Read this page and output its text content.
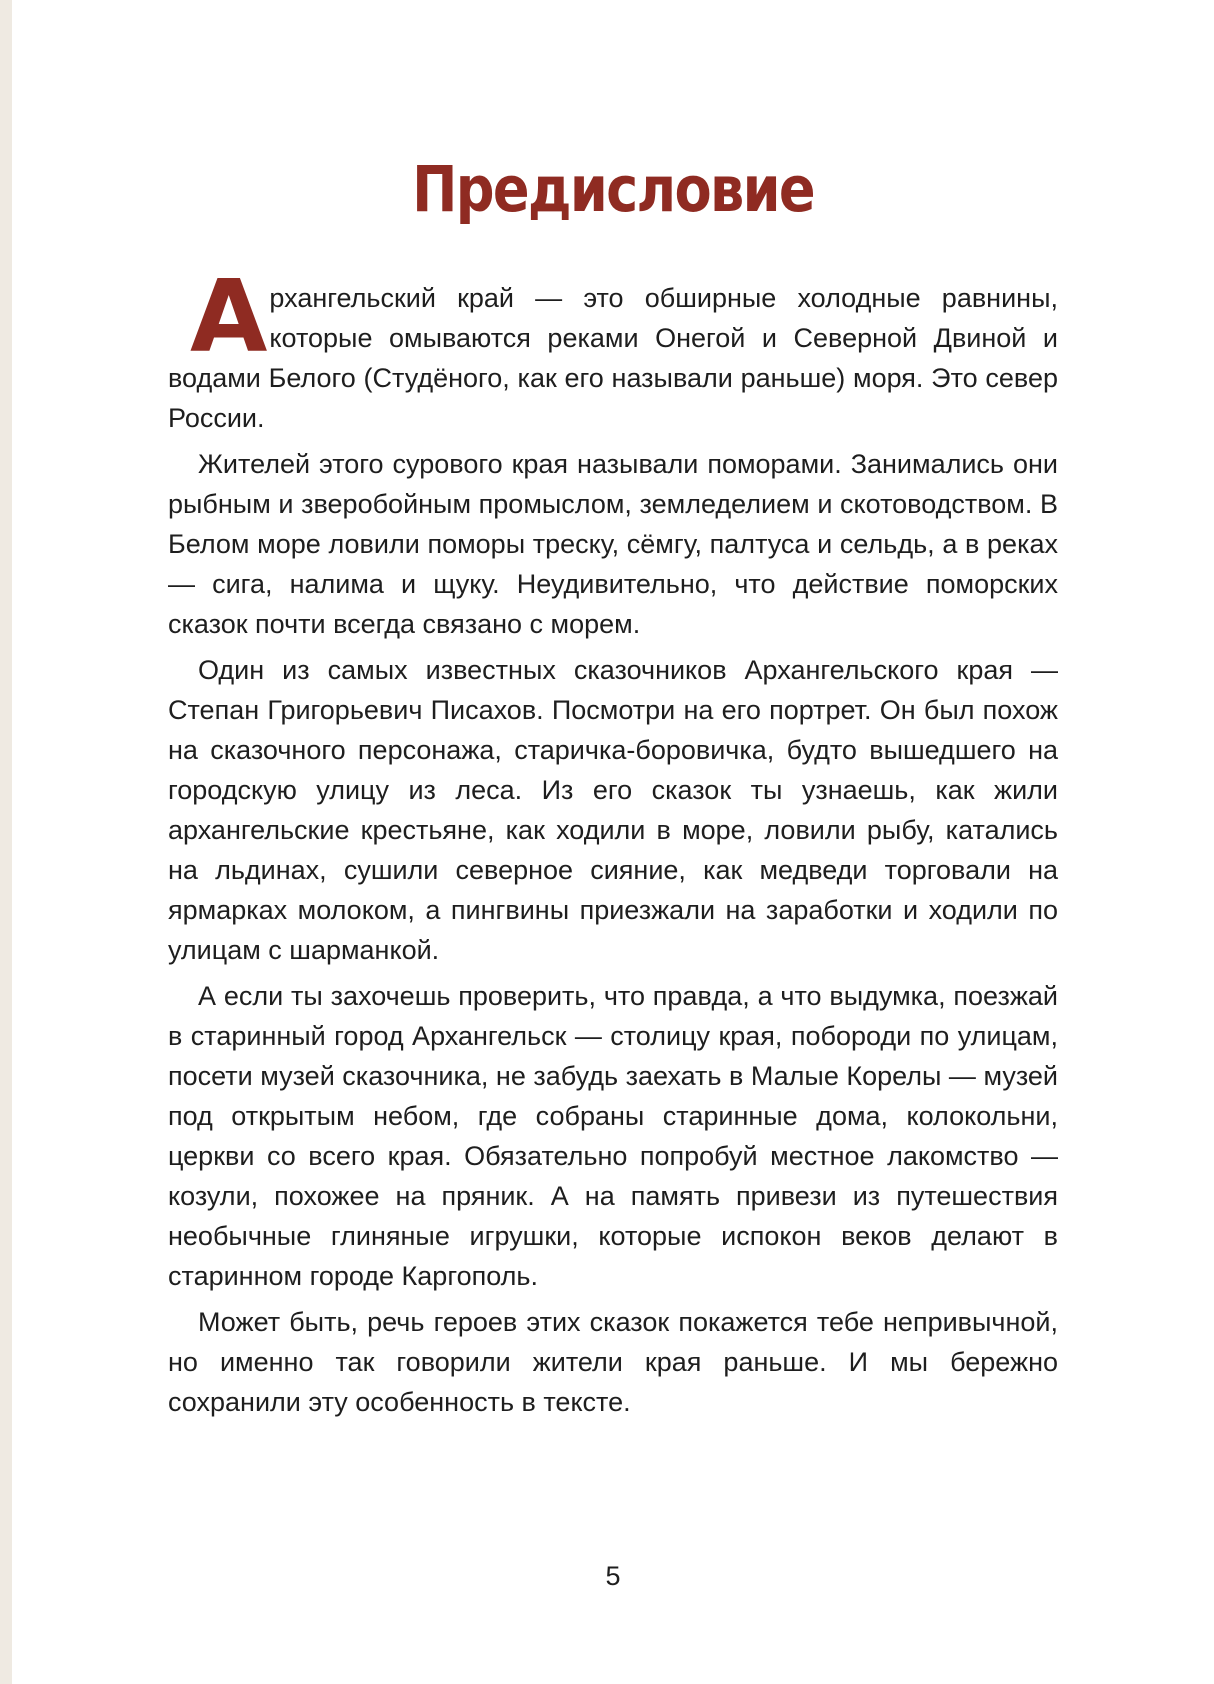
Предисловие

Архангельский край — это обширные холодные равнины, которые омываются реками Онегой и Северной Двиной и водами Белого (Студёного, как его называли раньше) моря. Это север России.

Жителей этого сурового края называли поморами. Занимались они рыбным и зверобойным промыслом, земледелием и скотоводством. В Белом море ловили поморы треску, сёмгу, палтуса и сельдь, а в реках — сига, налима и щуку. Неудивительно, что действие поморских сказок почти всегда связано с морем.

Один из самых известных сказочников Архангельского края — Степан Григорьевич Писахов. Посмотри на его портрет. Он был похож на сказочного персонажа, старичка-боровичка, будто вышедшего на городскую улицу из леса. Из его сказок ты узнаешь, как жили архангельские крестьяне, как ходили в море, ловили рыбу, катались на льдинах, сушили северное сияние, как медведи торговали на ярмарках молоком, а пингвины приезжали на заработки и ходили по улицам с шарманкой.

А если ты захочешь проверить, что правда, а что выдумка, поезжай в старинный город Архангельск — столицу края, побороди по улицам, посети музей сказочника, не забудь заехать в Малые Корелы — музей под открытым небом, где собраны старинные дома, колокольни, церкви со всего края. Обязательно попробуй местное лакомство — козули, похожее на пряник. А на память привези из путешествия необычные глиняные игрушки, которые испокон веков делают в старинном городе Каргополь.

Может быть, речь героев этих сказок покажется тебе непривычной, но именно так говорили жители края раньше. И мы бережно сохранили эту особенность в тексте.

5
